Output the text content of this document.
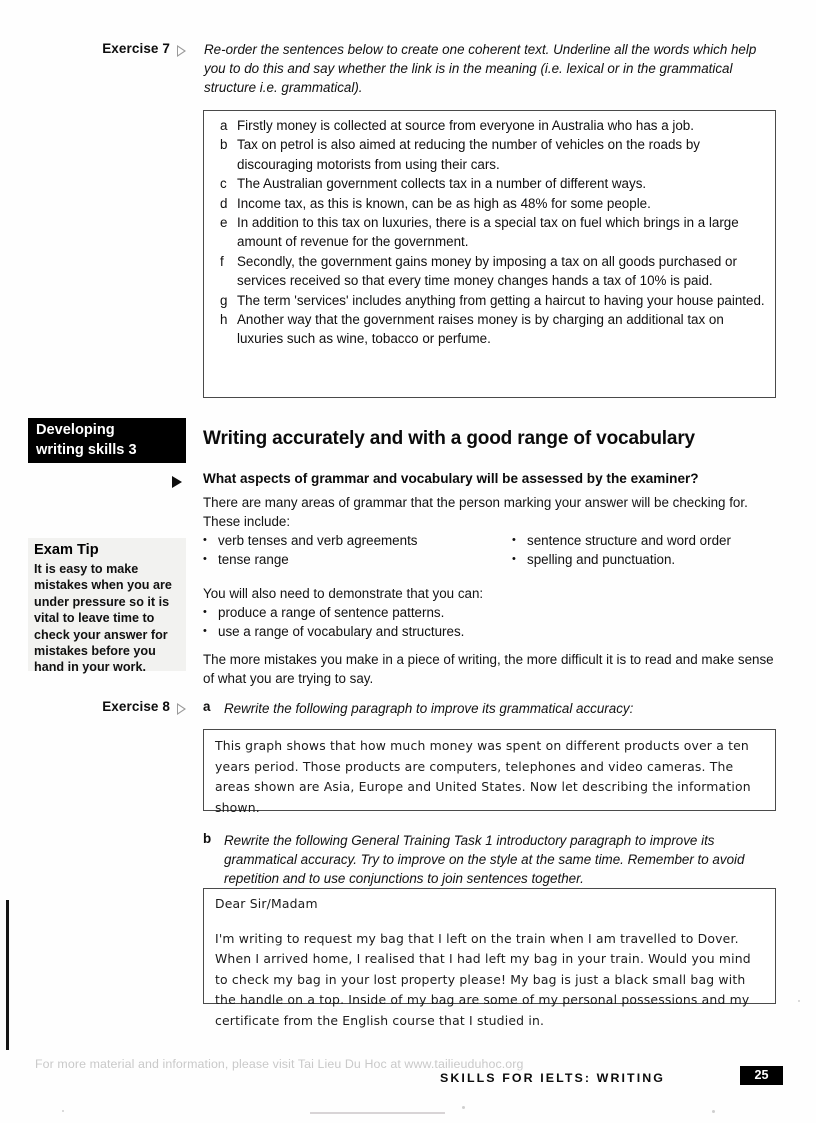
Exercise 7	Re-order the sentences below to create one coherent text. Underline all the words which help you to do this and say whether the link is in the meaning (i.e. lexical or in the grammatical structure i.e. grammatical).
a Firstly money is collected at source from everyone in Australia who has a job.
b Tax on petrol is also aimed at reducing the number of vehicles on the roads by discouraging motorists from using their cars.
c The Australian government collects tax in a number of different ways.
d Income tax, as this is known, can be as high as 48% for some people.
e In addition to this tax on luxuries, there is a special tax on fuel which brings in a large amount of revenue for the government.
f Secondly, the government gains money by imposing a tax on all goods purchased or services received so that every time money changes hands a tax of 10% is paid.
g The term 'services' includes anything from getting a haircut to having your house painted.
h Another way that the government raises money is by charging an additional tax on luxuries such as wine, tobacco or perfume.
Developing
writing skills 3
Writing accurately and with a good range of vocabulary
What aspects of grammar and vocabulary will be assessed by the examiner?
There are many areas of grammar that the person marking your answer will be checking for. These include:
• verb tenses and verb agreements
• tense range
• sentence structure and word order
• spelling and punctuation.
You will also need to demonstrate that you can:
• produce a range of sentence patterns.
• use a range of vocabulary and structures.
The more mistakes you make in a piece of writing, the more difficult it is to read and make sense of what you are trying to say.
Exam Tip
It is easy to make mistakes when you are under pressure so it is vital to leave time to check your answer for mistakes before you hand in your work.
Exercise 8 a Rewrite the following paragraph to improve its grammatical accuracy:

This graph shows that how much money was spent on different products over a ten years period. Those products are computers, telephones and video cameras. The areas shown are Asia, Europe and United States. Now let describing the information shown.

b Rewrite the following General Training Task 1 introductory paragraph to improve its grammatical accuracy. Try to improve on the style at the same time. Remember to avoid repetition and to use conjunctions to join sentences together.

Dear Sir/Madam

I'm writing to request my bag that I left on the train when I am travelled to Dover. When I arrived home, I realised that I had left my bag in your train. Would you mind to check my bag in your lost property please! My bag is just a black small bag with the handle on a top. Inside of my bag are some of my personal possessions and my certificate from the English course that I studied in.

For more material and information, please visit Tai Lieu Du Hoc at www.tailieuduhoc.org
SKILLS FOR IELTS: WRITING	25
